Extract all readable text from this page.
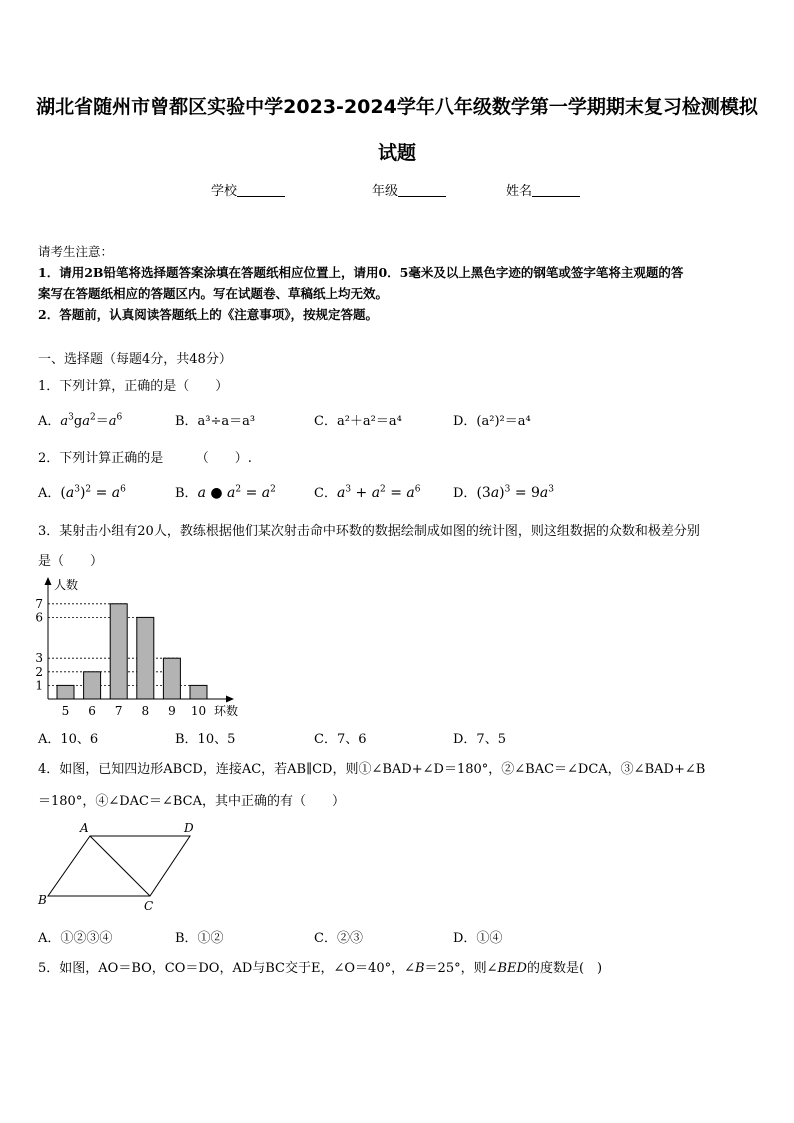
湖北省随州市曾都区实验中学2023-2024学年八年级数学第一学期期末复习检测模拟
试题
学校	年级	姓名
请考生注意：
1．请用2B铅笔将选择题答案涂填在答题纸相应位置上，请用0．5毫米及以上黑色字迹的钢笔或签字笔将主观题的答
案写在答题纸相应的答题区内。写在试题卷、草稿纸上均无效。
2．答题前，认真阅读答题纸上的《注意事项》，按规定答题。
一、选择题（每题4分，共48分）
1．下列计算，正确的是（　　）
A．$a^3ga^2=a^6$	B．a³÷a＝a³	C．a²＋a²＝a⁴	D．(a²)²＝a⁴
2．下列计算正确的是　　　（　　）.
A．$(a^3)^2 = a^6$	B．a ● $a^2 = a^2$	C．$a^3 + a^2 = a^6$ D．$(3a)^3 = 9a^3$
3．某射击小组有20人，教练根据他们某次射击命中环数的数据绘制成如图的统计图，则这组数据的众数和极差分别
是（　　）
人数
环数
1
2
3
6
7
5 6 7 8 9 10
A．10、6	B．10、5	C．7、6	D．7、5
4．如图，已知四边形ABCD，连接AC，若AB∥CD，则①∠BAD+∠D＝180°，②∠BAC＝∠DCA，③∠BAD+∠B
＝180°，④∠DAC＝∠BCA，其中正确的有（　　）
A	D
B	C
A．①②③④	B．①②	C．②③	D．①④
5．如图，AO＝BO，CO＝DO，AD与BC交于E，∠O＝40°，∠B＝25°，则∠BED的度数是(　)
